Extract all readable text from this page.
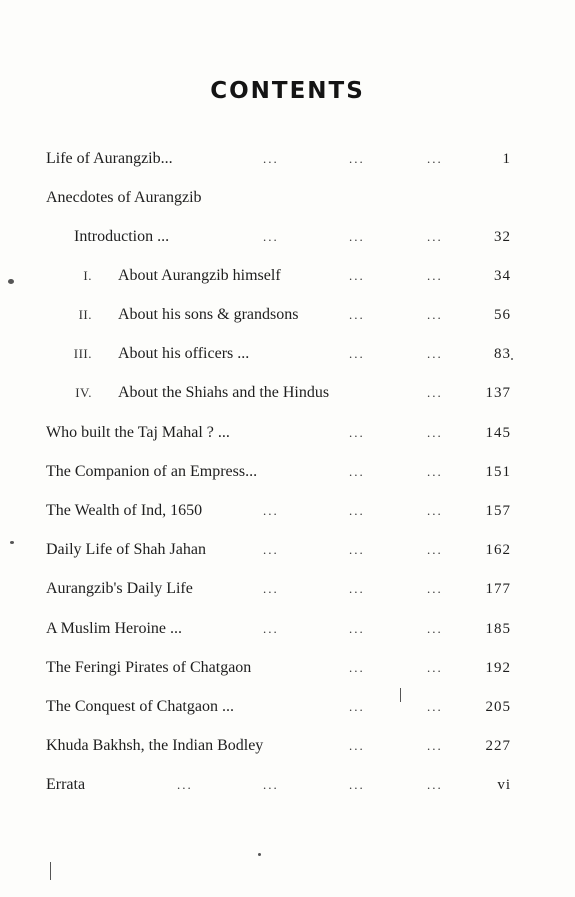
CONTENTS
Life of Aurangzib...	...	...	...	1
Anecdotes of Aurangzib
Introduction ...	...	...	...	32
I. About Aurangzib himself	...	...	34
II. About his sons & grandsons	...	...	56
III. About his officers ...	...	...	83
IV. About the Shiahs and the Hindus	...	137
Who built the Taj Mahal ? ...	...	...	145
The Companion of an Empress...	...	...	151
The Wealth of Ind, 1650	...	...	...	157
Daily Life of Shah Jahan	...	...	...	162
Aurangzib's Daily Life	...	...	...	177
A Muslim Heroine ...	...	...	...	185
The Feringi Pirates of Chatgaon	...	...	192
The Conquest of Chatgaon ...	...	...	205
Khuda Bakhsh, the Indian Bodley	...	...	227
Errata	...	...	...	...	vi
